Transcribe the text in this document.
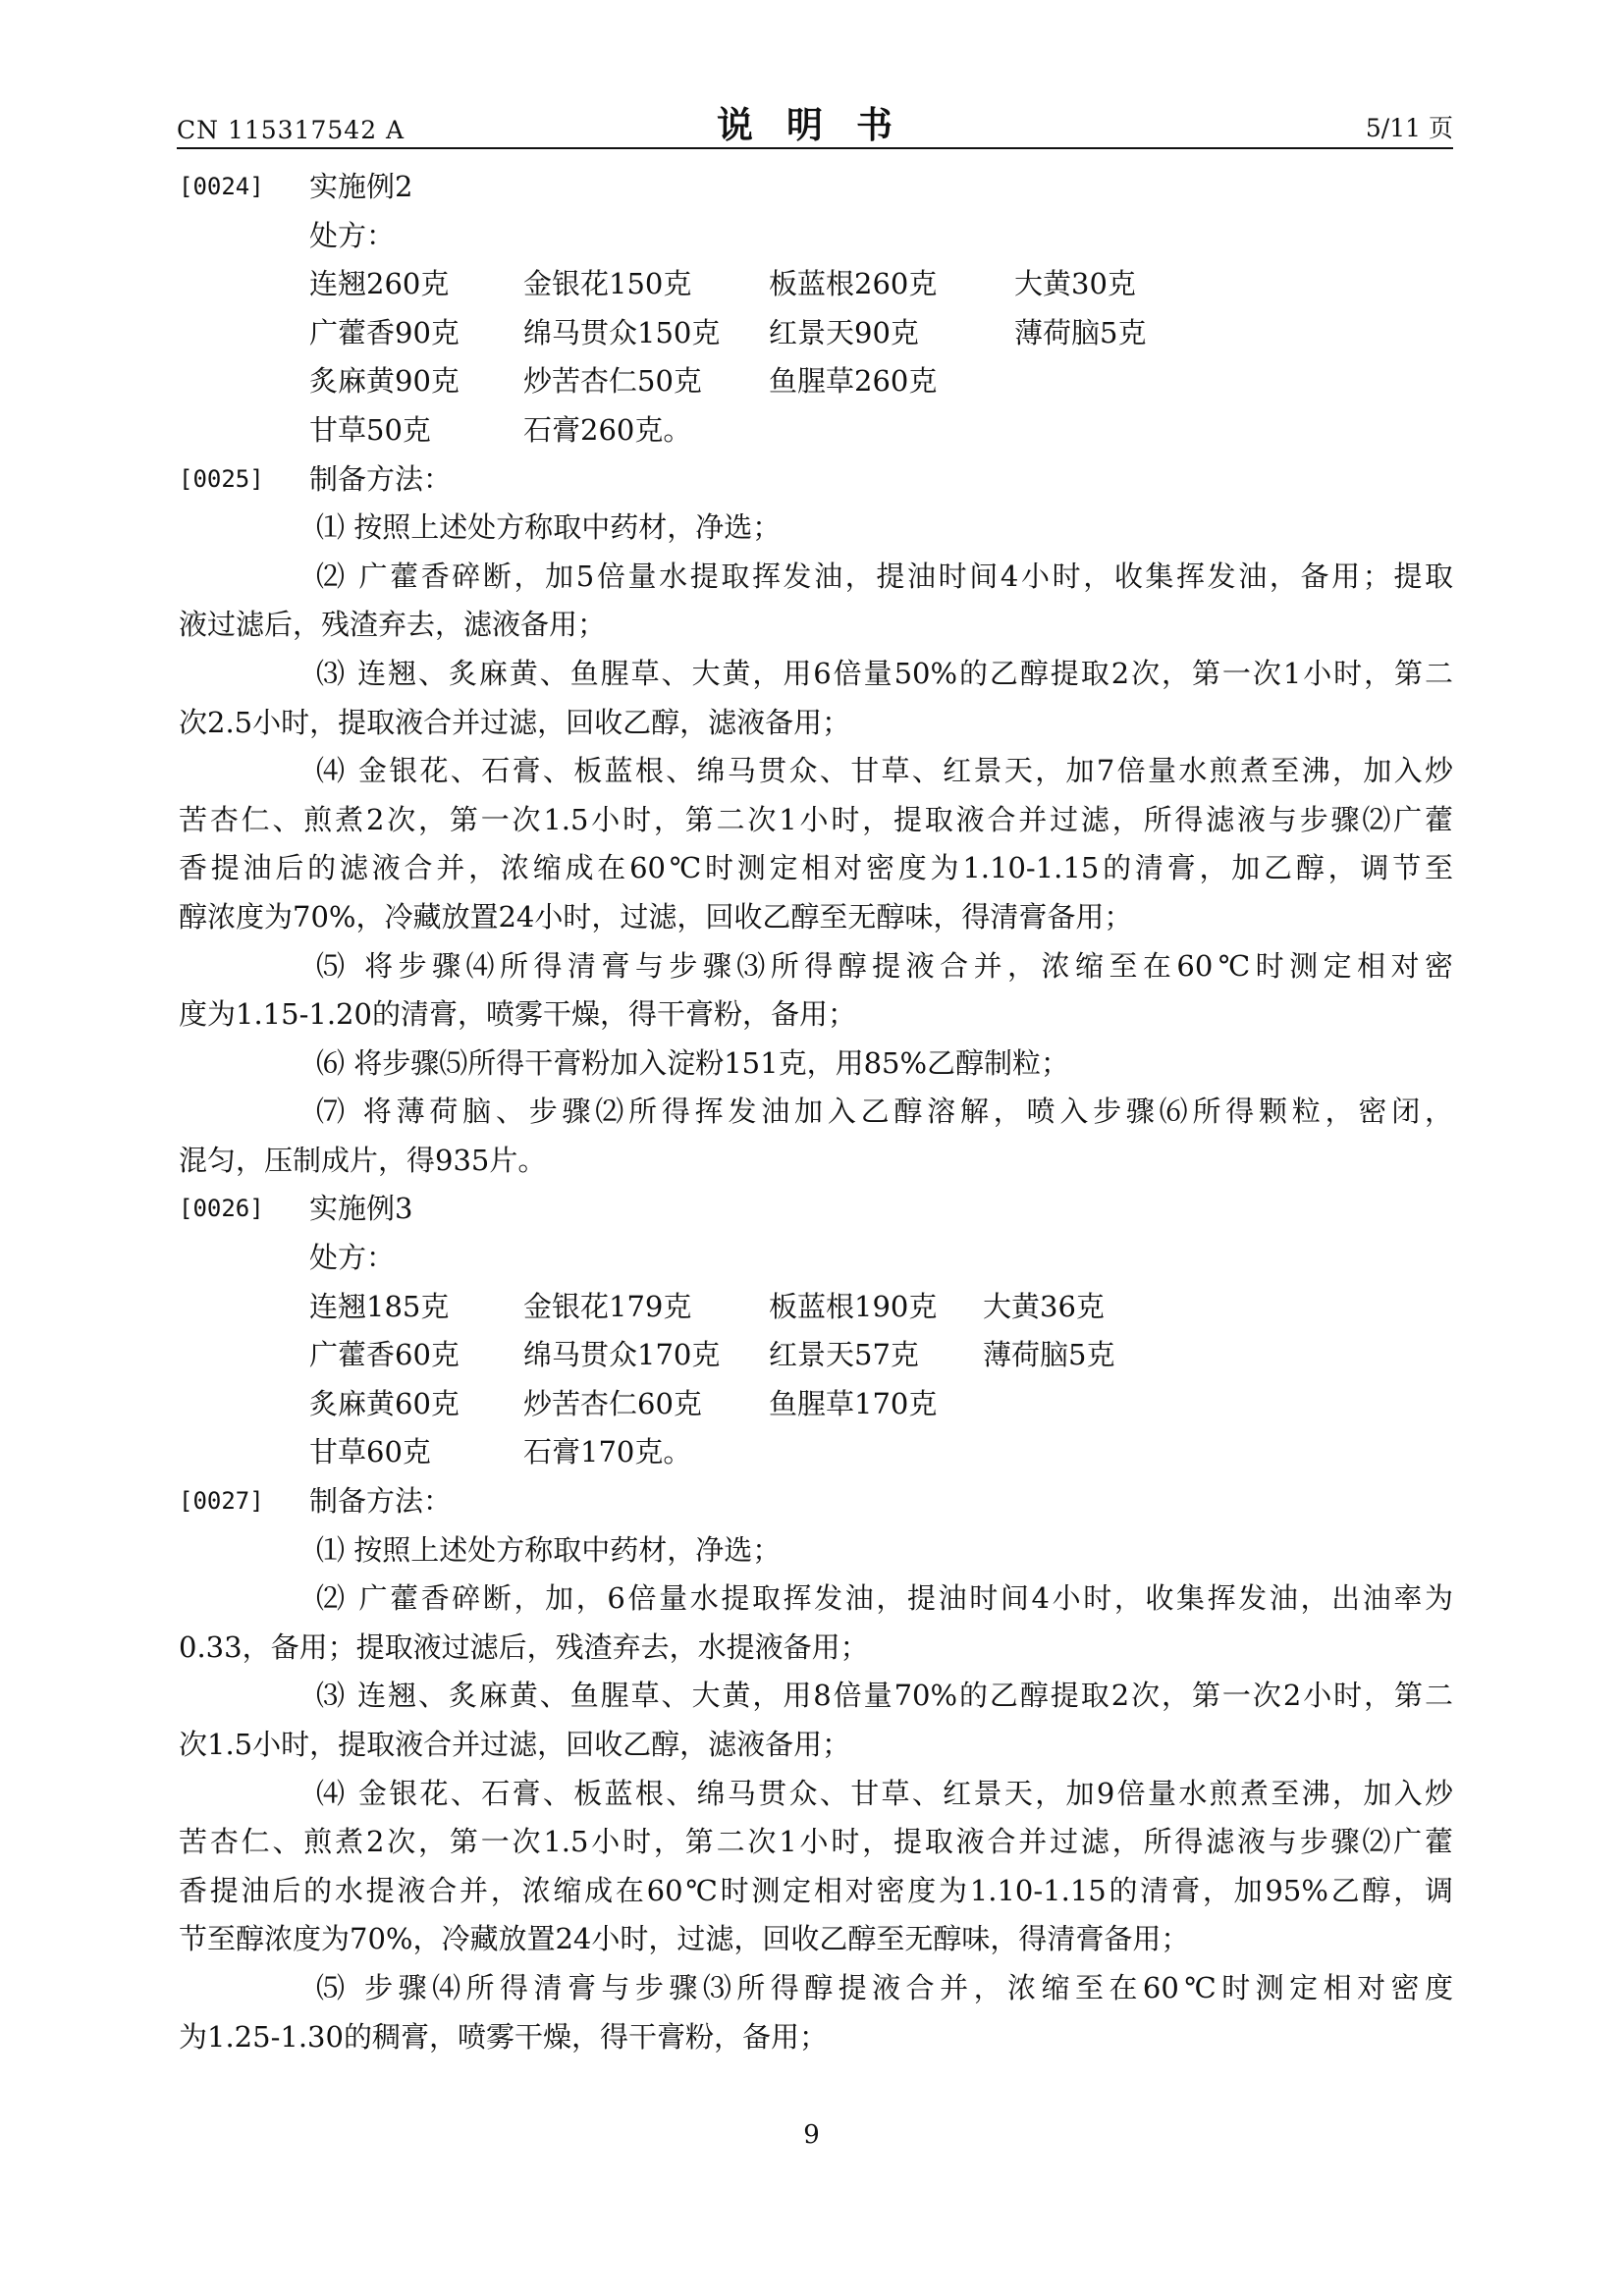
CN 115317542 A	说明书	5/11 页
[0024] 实施例2
处方：
连翘260克	金银花150克	板蓝根260克	大黄30克
广藿香90克	绵马贯众150克	红景天90克	薄荷脑5克
炙麻黄90克	炒苦杏仁50克	鱼腥草260克
甘草50克	石膏260克。
[0025] 制备方法：
⑴ 按照上述处方称取中药材，净选；
⑵ 广藿香碎断，加5倍量水提取挥发油，提油时间4小时，收集挥发油，备用；提取
液过滤后，残渣弃去，滤液备用；
⑶ 连翘、炙麻黄、鱼腥草、大黄，用6倍量50%的乙醇提取2次，第一次1小时，第二
次2.5小时，提取液合并过滤，回收乙醇，滤液备用；
⑷ 金银花、石膏、板蓝根、绵马贯众、甘草、红景天，加7倍量水煎煮至沸，加入炒
苦杏仁、煎煮2次，第一次1.5小时，第二次1小时，提取液合并过滤，所得滤液与步骤⑵广藿
香提油后的滤液合并，浓缩成在60℃时测定相对密度为1.10-1.15的清膏，加乙醇，调节至
醇浓度为70%，冷藏放置24小时，过滤，回收乙醇至无醇味，得清膏备用；
⑸ 将步骤⑷所得清膏与步骤⑶所得醇提液合并，浓缩至在60℃时测定相对密
度为1.15-1.20的清膏，喷雾干燥，得干膏粉，备用；
⑹ 将步骤⑸所得干膏粉加入淀粉151克，用85%乙醇制粒；
⑺ 将薄荷脑、步骤⑵所得挥发油加入乙醇溶解，喷入步骤⑹所得颗粒，密闭，
混匀，压制成片，得935片。
[0026] 实施例3
处方：
连翘185克	金银花179克	板蓝根190克	大黄36克
广藿香60克	绵马贯众170克	红景天57克	薄荷脑5克
炙麻黄60克	炒苦杏仁60克	鱼腥草170克
甘草60克	石膏170克。
[0027] 制备方法：
⑴ 按照上述处方称取中药材，净选；
⑵ 广藿香碎断，加，6倍量水提取挥发油，提油时间4小时，收集挥发油，出油率为
0.33，备用；提取液过滤后，残渣弃去，水提液备用；
⑶ 连翘、炙麻黄、鱼腥草、大黄，用8倍量70%的乙醇提取2次，第一次2小时，第二
次1.5小时，提取液合并过滤，回收乙醇，滤液备用；
⑷ 金银花、石膏、板蓝根、绵马贯众、甘草、红景天，加9倍量水煎煮至沸，加入炒
苦杏仁、煎煮2次，第一次1.5小时，第二次1小时，提取液合并过滤，所得滤液与步骤⑵广藿
香提油后的水提液合并，浓缩成在60℃时测定相对密度为1.10-1.15的清膏，加95%乙醇，调
节至醇浓度为70%，冷藏放置24小时，过滤，回收乙醇至无醇味，得清膏备用；
⑸ 步骤⑷所得清膏与步骤⑶所得醇提液合并，浓缩至在60℃时测定相对密度
为1.25-1.30的稠膏，喷雾干燥，得干膏粉，备用；
9
